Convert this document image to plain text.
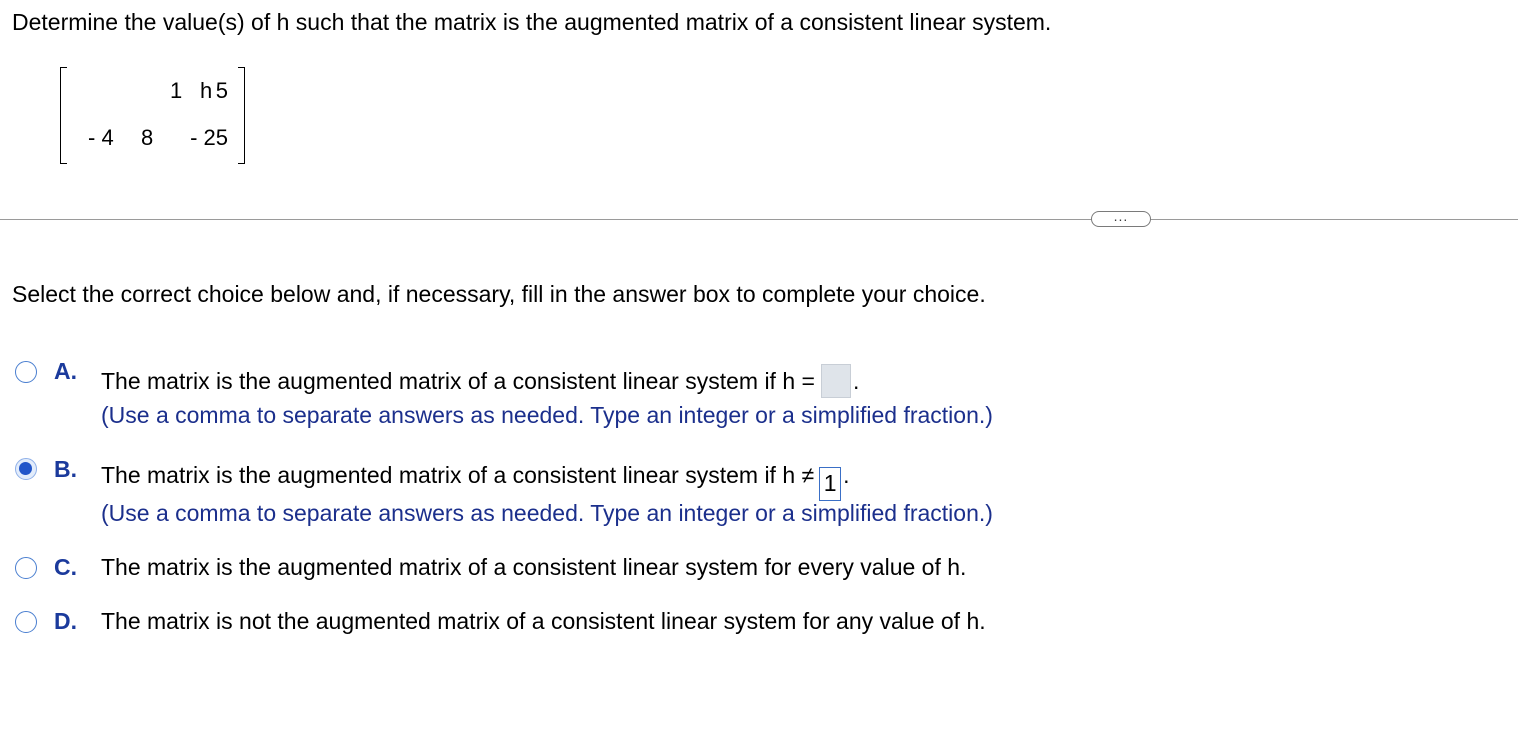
Determine the value(s) of h such that the matrix is the augmented matrix of a consistent linear system.
1 h 5
- 4	8	- 25
...
Select the correct choice below and, if necessary, fill in the answer box to complete your choice.
A. The matrix is the augmented matrix of a consistent linear system if h = .
(Use a comma to separate answers as needed. Type an integer or a simplified fraction.)
B. The matrix is the augmented matrix of a consistent linear system if h ≠ 1 .
(Use a comma to separate answers as needed. Type an integer or a simplified fraction.)
C. The matrix is the augmented matrix of a consistent linear system for every value of h.
D. The matrix is not the augmented matrix of a consistent linear system for any value of h.
